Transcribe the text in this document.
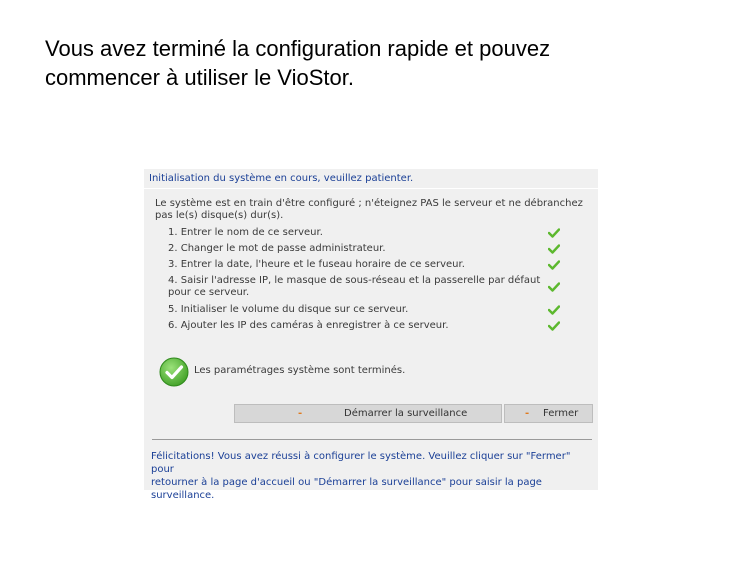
Vous avez terminé la configuration rapide et pouvez
commencer à utiliser le VioStor.
Initialisation du système en cours, veuillez patienter.
Le système est en train d'être configuré ; n'éteignez PAS le serveur et ne débranchez
pas le(s) disque(s) dur(s).
1. Entrer le nom de ce serveur.
2. Changer le mot de passe administrateur.
3. Entrer la date, l'heure et le fuseau horaire de ce serveur.
4. Saisir l'adresse IP, le masque de sous-réseau et la passerelle par défaut
pour ce serveur.
5. Initialiser le volume du disque sur ce serveur.
6. Ajouter les IP des caméras à enregistrer à ce serveur.
Les paramétrages système sont terminés.
-	Démarrer la surveillance	- Fermer
Félicitations! Vous avez réussi à configurer le système. Veuillez cliquer sur "Fermer" pour
retourner à la page d'accueil ou "Démarrer la surveillance" pour saisir la page
surveillance.
